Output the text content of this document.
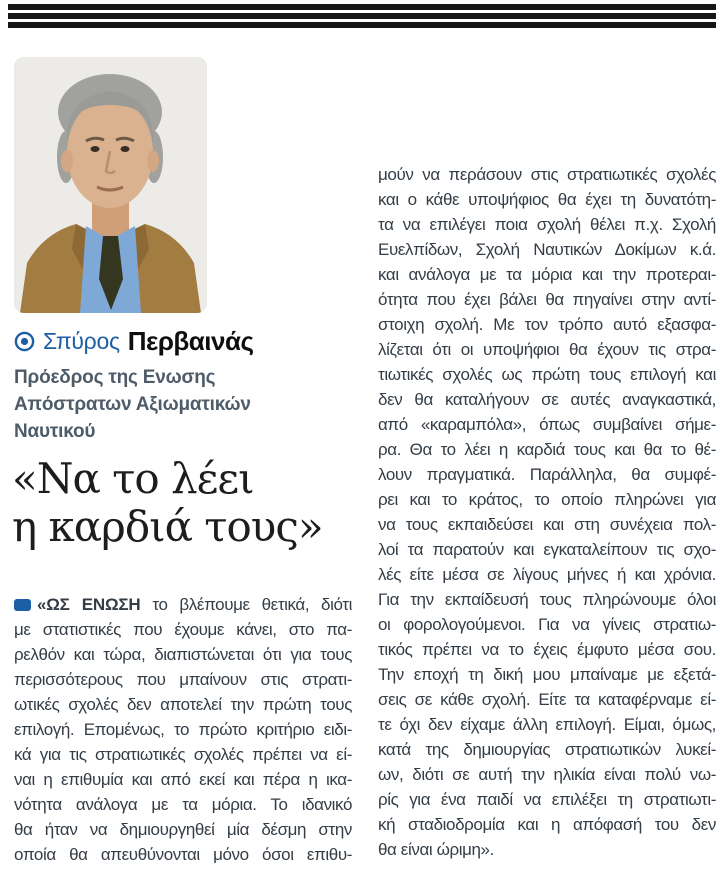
Σπύρος Περβαινάς
Πρόεδρος της Ενωσης
Απόστρατων Αξιωματικών
Ναυτικού
«Να το λέει
η καρδιά τους»
«ΩΣ ΕΝΩΣΗ το βλέπουμε θετικά, διότι
με στατιστικές που έχουμε κάνει, στο πα-
ρελθόν και τώρα, διαπιστώνεται ότι για τους
περισσότερους που μπαίνουν στις στρατι-
ωτικές σχολές δεν αποτελεί την πρώτη τους
επιλογή. Επομένως, το πρώτο κριτήριο ειδι-
κά για τις στρατιωτικές σχολές πρέπει να εί-
ναι η επιθυμία και από εκεί και πέρα η ικα-
νότητα ανάλογα με τα μόρια. Το ιδανικό
θα ήταν να δημιουργηθεί μία δέσμη στην
οποία θα απευθύνονται μόνο όσοι επιθυ-
μούν να περάσουν στις στρατιωτικές σχολές
και ο κάθε υποψήφιος θα έχει τη δυνατότη-
τα να επιλέγει ποια σχολή θέλει π.χ. Σχολή
Ευελπίδων, Σχολή Ναυτικών Δοκίμων κ.ά.
και ανάλογα με τα μόρια και την προτεραι-
ότητα που έχει βάλει θα πηγαίνει στην αντί-
στοιχη σχολή. Με τον τρόπο αυτό εξασφα-
λίζεται ότι οι υποψήφιοι θα έχουν τις στρα-
τιωτικές σχολές ως πρώτη τους επιλογή και
δεν θα καταλήγουν σε αυτές αναγκαστικά,
από «καραμπόλα», όπως συμβαίνει σήμε-
ρα. Θα το λέει η καρδιά τους και θα το θέ-
λουν πραγματικά. Παράλληλα, θα συμφέ-
ρει και το κράτος, το οποίο πληρώνει για
να τους εκπαιδεύσει και στη συνέχεια πολ-
λοί τα παρατούν και εγκαταλείπουν τις σχο-
λές είτε μέσα σε λίγους μήνες ή και χρόνια.
Για την εκπαίδευσή τους πληρώνουμε όλοι
οι φορολογούμενοι. Για να γίνεις στρατιω-
τικός πρέπει να το έχεις έμφυτο μέσα σου.
Την εποχή τη δική μου μπαίναμε με εξετά-
σεις σε κάθε σχολή. Είτε τα καταφέρναμε εί-
τε όχι δεν είχαμε άλλη επιλογή. Είμαι, όμως,
κατά της δημιουργίας στρατιωτικών λυκεί-
ων, διότι σε αυτή την ηλικία είναι πολύ νω-
ρίς για ένα παιδί να επιλέξει τη στρατιωτι-
κή σταδιοδρομία και η απόφασή του δεν
θα είναι ώριμη».
